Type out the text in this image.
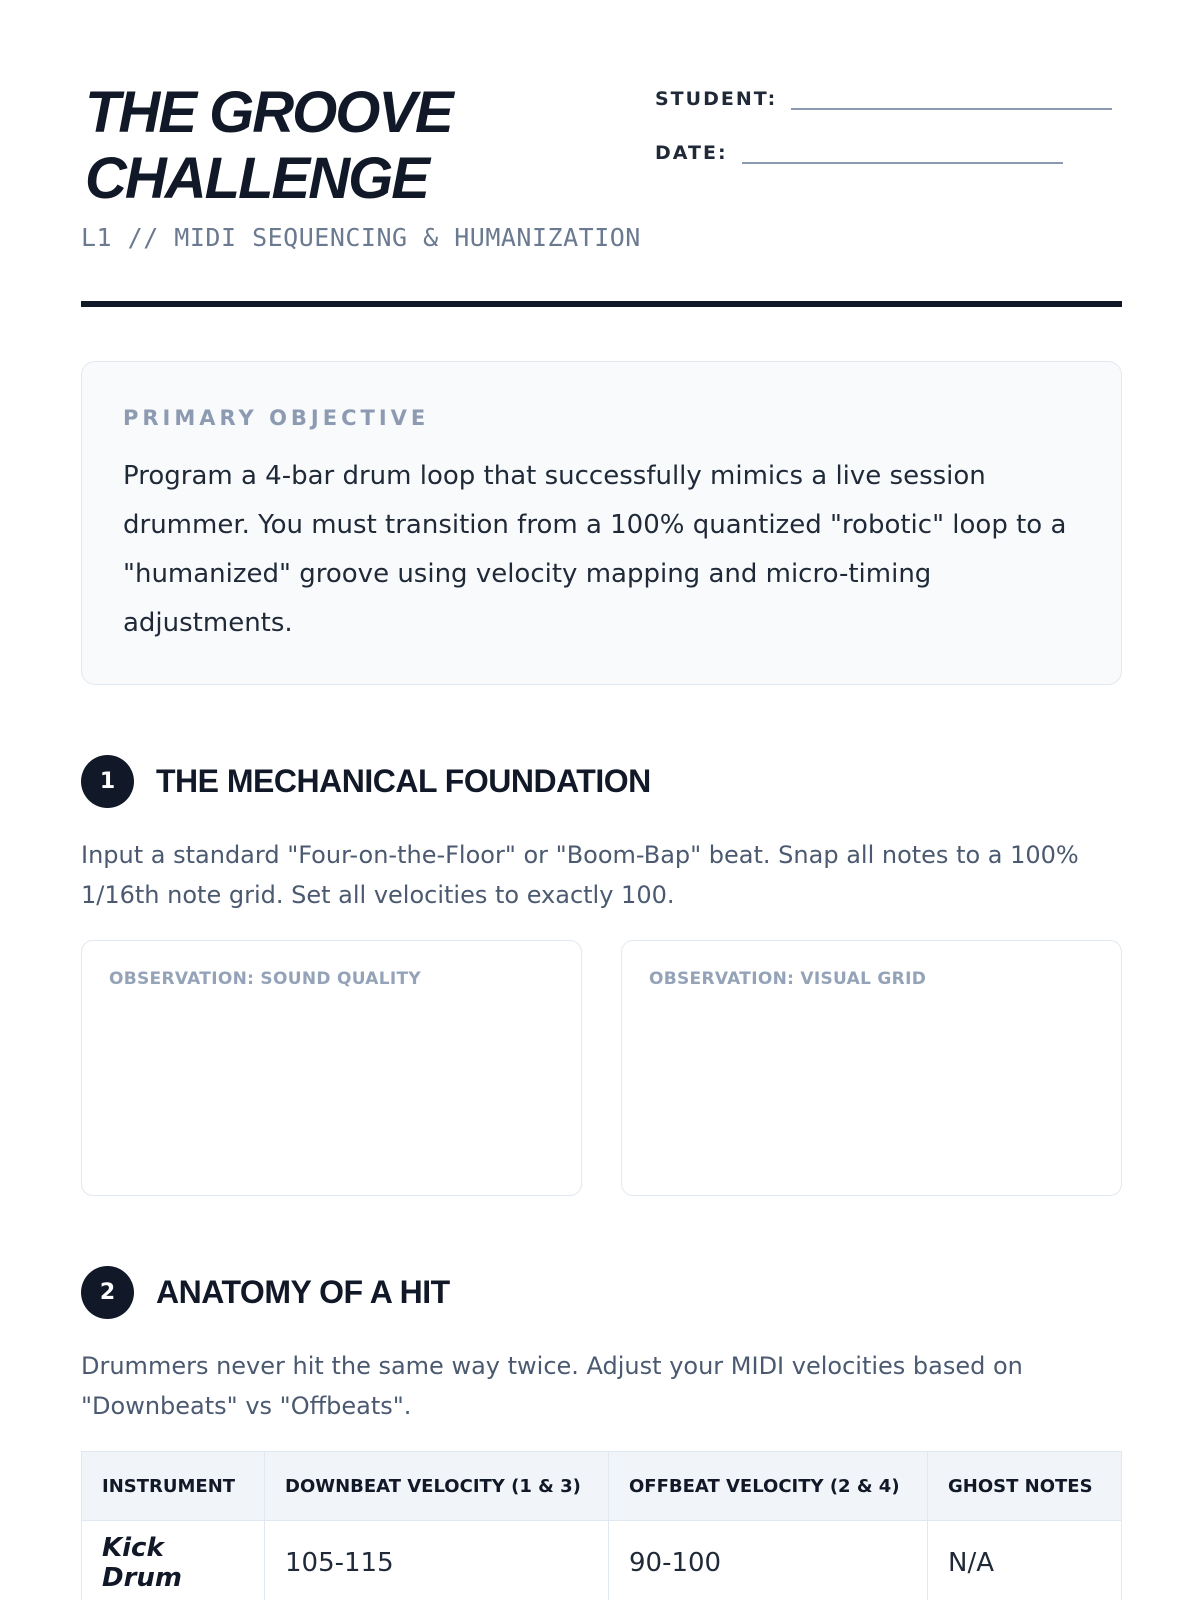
THE GROOVE
CHALLENGE
L1 // MIDI SEQUENCING & HUMANIZATION
STUDENT:
DATE:
PRIMARY OBJECTIVE
Program a 4-bar drum loop that successfully mimics a live session drummer. You must transition from a 100% quantized "robotic" loop to a "humanized" groove using velocity mapping and micro-timing adjustments.
1	THE MECHANICAL FOUNDATION
Input a standard "Four-on-the-Floor" or "Boom-Bap" beat. Snap all notes to a 100% 1/16th note grid. Set all velocities to exactly 100.
OBSERVATION: SOUND QUALITY	OBSERVATION: VISUAL GRID
2	ANATOMY OF A HIT
Drummers never hit the same way twice. Adjust your MIDI velocities based on "Downbeats" vs "Offbeats".
INSTRUMENT	DOWNBEAT VELOCITY (1 & 3)	OFFBEAT VELOCITY (2 & 4)	GHOST NOTES
Kick Drum	105-115	90-100	N/A
